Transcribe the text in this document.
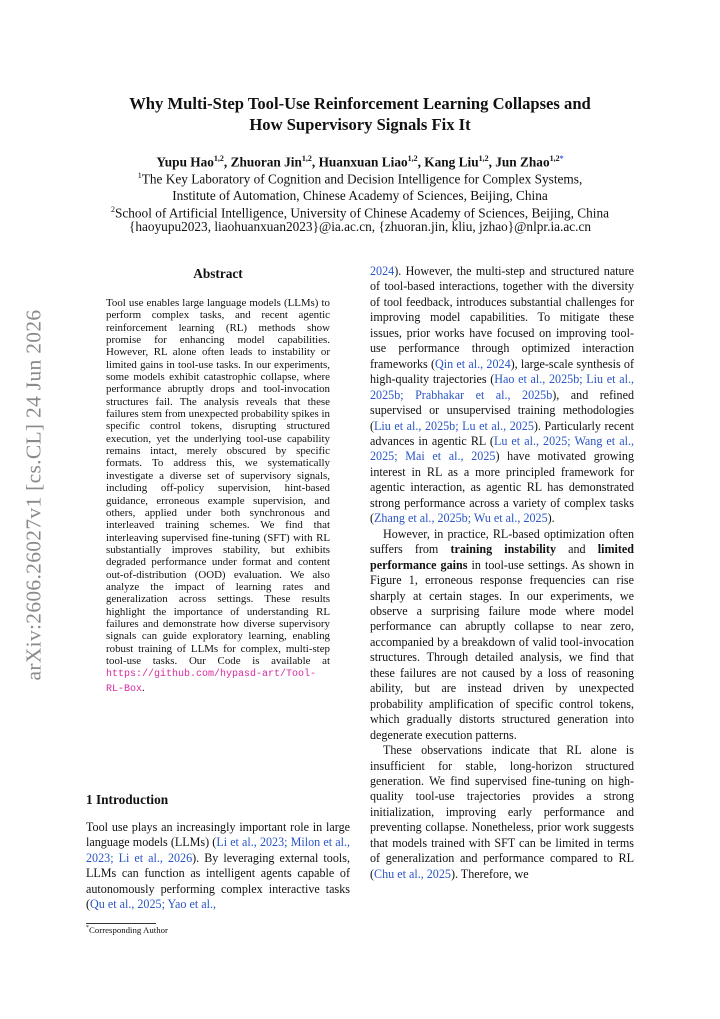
arXiv:2606.26027v1 [cs.CL] 24 Jun 2026
Why Multi-Step Tool-Use Reinforcement Learning Collapses and
How Supervisory Signals Fix It
Yupu Hao$^{1,2}$, Zhuoran Jin$^{1,2}$, Huanxuan Liao$^{1,2}$, Kang Liu$^{1,2}$, Jun Zhao$^{1,2*}$
$^1$The Key Laboratory of Cognition and Decision Intelligence for Complex Systems,
Institute of Automation, Chinese Academy of Sciences, Beijing, China
$^2$School of Artificial Intelligence, University of Chinese Academy of Sciences, Beijing, China
{haoyupu2023, liaohuanxuan2023}@ia.ac.cn, {zhuoran.jin, kliu, jzhao}@nlpr.ia.ac.cn
Abstract
Tool use enables large language models (LLMs) to perform complex tasks, and recent agentic reinforcement learning (RL) methods show promise for enhancing model capabilities. However, RL alone often leads to instability or limited gains in tool-use tasks. In our experiments, some models exhibit catastrophic collapse, where performance abruptly drops and tool-invocation structures fail. The analysis reveals that these failures stem from unexpected probability spikes in specific control tokens, disrupting structured execution, yet the underlying tool-use capability remains intact, merely obscured by specific formats. To address this, we systematically investigate a diverse set of supervisory signals, including off-policy supervision, hint-based guidance, erroneous example supervision, and others, applied under both synchronous and interleaved training schemes. We find that interleaving supervised fine-tuning (SFT) with RL substantially improves stability, but exhibits degraded performance under format and content out-of-distribution (OOD) evaluation. We also analyze the impact of learning rates and generalization across settings. These results highlight the importance of understanding RL failures and demonstrate how diverse supervisory signals can guide exploratory learning, enabling robust training of LLMs for complex, multi-step tool-use tasks. Our Code is available at https://github.com/hypasd-art/Tool-RL-Box.
1 Introduction
Tool use plays an increasingly important role in large language models (LLMs) (Li et al., 2023; Milon et al., 2023; Li et al., 2026). By leveraging external tools, LLMs can function as intelligent agents capable of autonomously performing complex interactive tasks (Qu et al., 2025; Yao et al.,
*Corresponding Author

2024). However, the multi-step and structured nature of tool-based interactions, together with the diversity of tool feedback, introduces substantial challenges for improving model capabilities. To mitigate these issues, prior works have focused on improving tool-use performance through optimized interaction frameworks (Qin et al., 2024), large-scale synthesis of high-quality trajectories (Hao et al., 2025b; Liu et al., 2025b; Prabhakar et al., 2025b), and refined supervised or unsupervised training methodologies (Liu et al., 2025b; Lu et al., 2025). Particularly recent advances in agentic RL (Lu et al., 2025; Wang et al., 2025; Mai et al., 2025) have motivated growing interest in RL as a more principled framework for agentic interaction, as agentic RL has demonstrated strong performance across a variety of complex tasks (Zhang et al., 2025b; Wu et al., 2025).

However, in practice, RL-based optimization often suffers from training instability and limited performance gains in tool-use settings. As shown in Figure 1, erroneous response frequencies can rise sharply at certain stages. In our experiments, we observe a surprising failure mode where model performance can abruptly collapse to near zero, accompanied by a breakdown of valid tool-invocation structures. Through detailed analysis, we find that these failures are not caused by a loss of reasoning ability, but are instead driven by unexpected probability amplification of specific control tokens, which gradually distorts structured generation into degenerate execution patterns.

These observations indicate that RL alone is insufficient for stable, long-horizon structured generation. We find supervised fine-tuning on high-quality tool-use trajectories provides a strong initialization, improving early performance and preventing collapse. Nonetheless, prior work suggests that models trained with SFT can be limited in terms of generalization and performance compared to RL (Chu et al., 2025). Therefore, we
